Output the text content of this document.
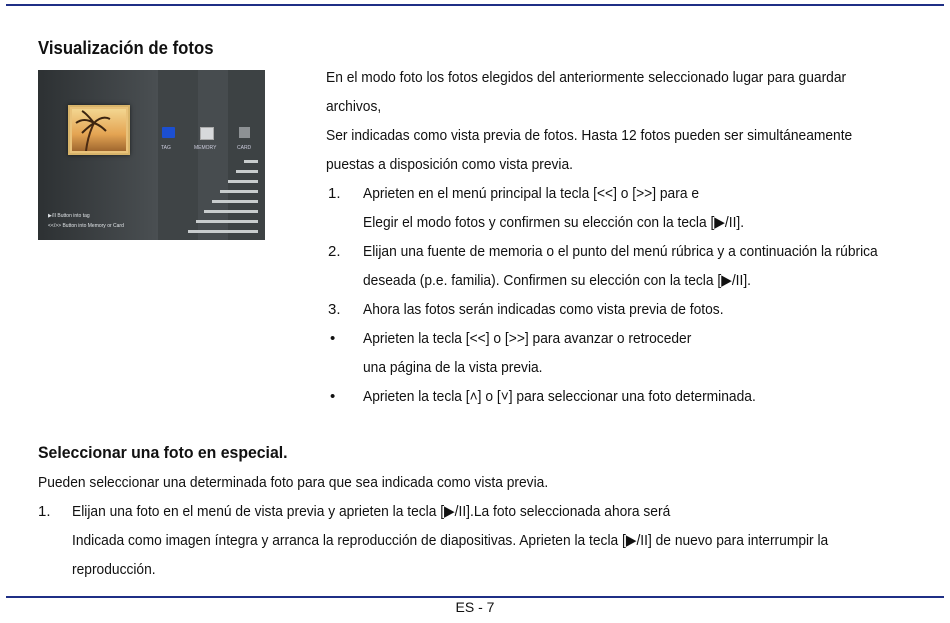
Visualización de fotos
TAG	MEMORY	CARD
▶/II Button into tag
<</>> Button into Memory or Card
En el modo foto los fotos elegidos del anteriormente seleccionado lugar para guardar
archivos,
Ser indicadas como vista previa de fotos. Hasta 12 fotos pueden ser simultáneamente
puestas a disposición como vista previa.
1. Aprieten en el menú principal la tecla [<<] o [>>] para e
Elegir el modo fotos y confirmen su elección con la tecla [▶/II].
2. Elijan una fuente de memoria o el punto del menú rúbrica y a continuación la rúbrica
deseada (p.e. familia). Confirmen su elección con la tecla [▶/II].
3. Ahora las fotos serán indicadas como vista previa de fotos.
• Aprieten la tecla [<<] o [>>] para avanzar o retroceder
una página de la vista previa.
• Aprieten la tecla [˄] o [˅] para seleccionar una foto determinada.
Seleccionar una foto en especial.
Pueden seleccionar una determinada foto para que sea indicada como vista previa.
1. Elijan una foto en el menú de vista previa y aprieten la tecla [▶/II].La foto seleccionada ahora será
Indicada como imagen íntegra y arranca la reproducción de diapositivas. Aprieten la tecla [▶/II] de nuevo para interrumpir la
reproducción.
ES - 7
